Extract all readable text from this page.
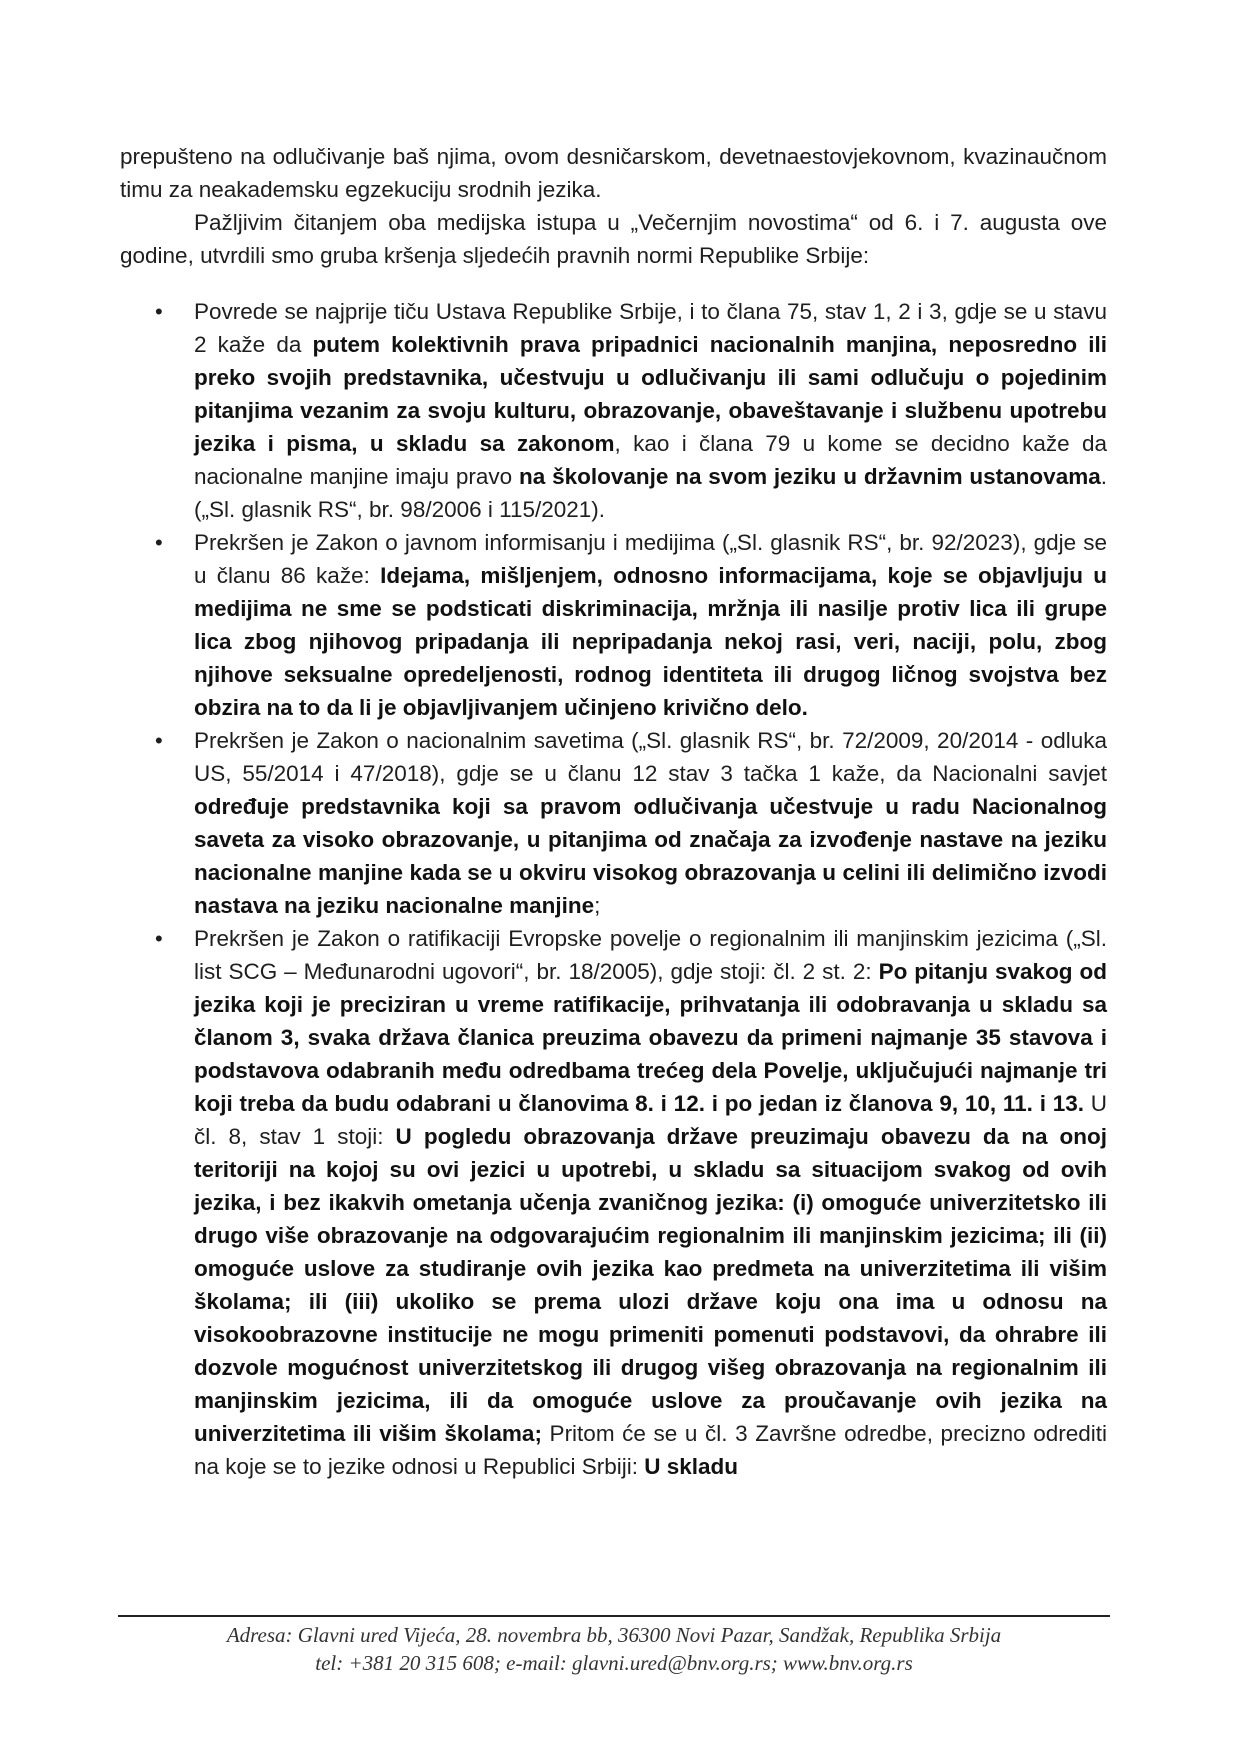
prepušteno na odlučivanje baš njima, ovom desničarskom, devetnaestovjekovnom, kvazinaučnom timu za neakademsku egzekuciju srodnih jezika.

Pažljivim čitanjem oba medijska istupa u „Večernjim novostima“ od 6. i 7. augusta ove godine, utvrdili smo gruba kršenja sljedećih pravnih normi Republike Srbije:

• Povrede se najprije tiču Ustava Republike Srbije, i to člana 75, stav 1, 2 i 3, gdje se u stavu 2 kaže da putem kolektivnih prava pripadnici nacionalnih manjina, neposredno ili preko svojih predstavnika, učestvuju u odlučivanju ili sami odlučuju o pojedinim pitanjima vezanim za svoju kulturu, obrazovanje, obaveštavanje i službenu upotrebu jezika i pisma, u skladu sa zakonom, kao i člana 79 u kome se decidno kaže da nacionalne manjine imaju pravo na školovanje na svom jeziku u državnim ustanovama. („Sl. glasnik RS“, br. 98/2006 i 115/2021).
• Prekršen je Zakon o javnom informisanju i medijima („Sl. glasnik RS“, br. 92/2023), gdje se u članu 86 kaže: Idejama, mišljenjem, odnosno informacijama, koje se objavljuju u medijima ne sme se podsticati diskriminacija, mržnja ili nasilje protiv lica ili grupe lica zbog njihovog pripadanja ili nepripadanja nekoj rasi, veri, naciji, polu, zbog njihove seksualne opredeljenosti, rodnog identiteta ili drugog ličnog svojstva bez obzira na to da li je objavljivanjem učinjeno krivično delo.
• Prekršen je Zakon o nacionalnim savetima („Sl. glasnik RS“, br. 72/2009, 20/2014 - odluka US, 55/2014 i 47/2018), gdje se u članu 12 stav 3 tačka 1 kaže, da Nacionalni savjet određuje predstavnika koji sa pravom odlučivanja učestvuje u radu Nacionalnog saveta za visoko obrazovanje, u pitanjima od značaja za izvođenje nastave na jeziku nacionalne manjine kada se u okviru visokog obrazovanja u celini ili delimično izvodi nastava na jeziku nacionalne manjine;
• Prekršen je Zakon o ratifikaciji Evropske povelje o regionalnim ili manjinskim jezicima („Sl. list SCG – Međunarodni ugovori“, br. 18/2005), gdje stoji: čl. 2 st. 2: Po pitanju svakog od jezika koji je preciziran u vreme ratifikacije, prihvatanja ili odobravanja u skladu sa članom 3, svaka država članica preuzima obavezu da primeni najmanje 35 stavova i podstavova odabranih među odredbama trećeg dela Povelje, uključujući najmanje tri koji treba da budu odabrani u članovima 8. i 12. i po jedan iz članova 9, 10, 11. i 13. U čl. 8, stav 1 stoji: U pogledu obrazovanja države preuzimaju obavezu da na onoj teritoriji na kojoj su ovi jezici u upotrebi, u skladu sa situacijom svakog od ovih jezika, i bez ikakvih ometanja učenja zvaničnog jezika: (i) omoguće univerzitetsko ili drugo više obrazovanje na odgovarajućim regionalnim ili manjinskim jezicima; ili (ii) omoguće uslove za studiranje ovih jezika kao predmeta na univerzitetima ili višim školama; ili (iii) ukoliko se prema ulozi države koju ona ima u odnosu na visokoobrazovne institucije ne mogu primeniti pomenuti podstavovi, da ohrabre ili dozvole mogućnost univerzitetskog ili drugog višeg obrazovanja na regionalnim ili manjinskim jezicima, ili da omoguće uslove za proučavanje ovih jezika na univerzitetima ili višim školama; Pritom će se u čl. 3 Završne odredbe, precizno odrediti na koje se to jezike odnosi u Republici Srbiji: U skladu

Adresa: Glavni ured Vijeća, 28. novembra bb, 36300 Novi Pazar, Sandžak, Republika Srbija

tel: +381 20 315 608; e-mail: glavni.ured@bnv.org.rs; www.bnv.org.rs
